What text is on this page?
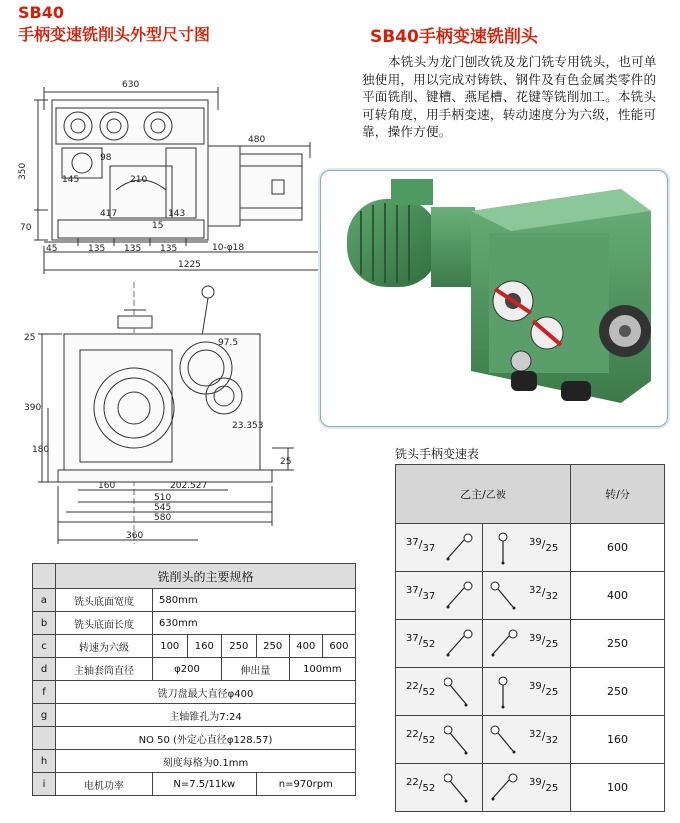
SB40
手柄变速铣削头外型尺寸图	SB40手柄变速铣削头
本铣头为龙门刨改铣及龙门铣专用铣头，也可单独使用，用以完成对铸铁、钢件及有色金属类零件的平面铣削、键槽、燕尾槽、花键等铣削加工。本铣头可转角度，用手柄变速，转动速度分为六级，性能可靠，操作方便。
630
480
350
70
145	210
98
417	143
15
45	135 135 135	10-φ18
1225
25	97.5
390
180
23.353
25
160	202.527
510
545
580
360
	铣削头的主要规格						
a	铣头底面宽度	580mm					
b	铣头底面长度	630mm					
c	转速为六级	100	160	250	250	400	600
d	主轴套筒直径	φ200		伸出量		100mm	
f	铣刀盘最大直径φ400						
g	主轴锥孔为7:24						
	NO 50 (外定心直径φ128.57)						
h	刻度每格为0.1mm						
i	电机功率	N=7.5/11kw			n=970rpm		
铣头手柄变速表
乙主/乙被		转/分

$^{37}/_{37}$	$^{39}/_{25}$	600

$^{37}/_{37}$	$^{32}/_{32}$	400

$^{37}/_{52}$	$^{39}/_{25}$	250

$^{22}/_{52}$	$^{39}/_{25}$	250

$^{22}/_{52}$	$^{32}/_{32}$	160

$^{22}/_{52}$	$^{39}/_{25}$	100
